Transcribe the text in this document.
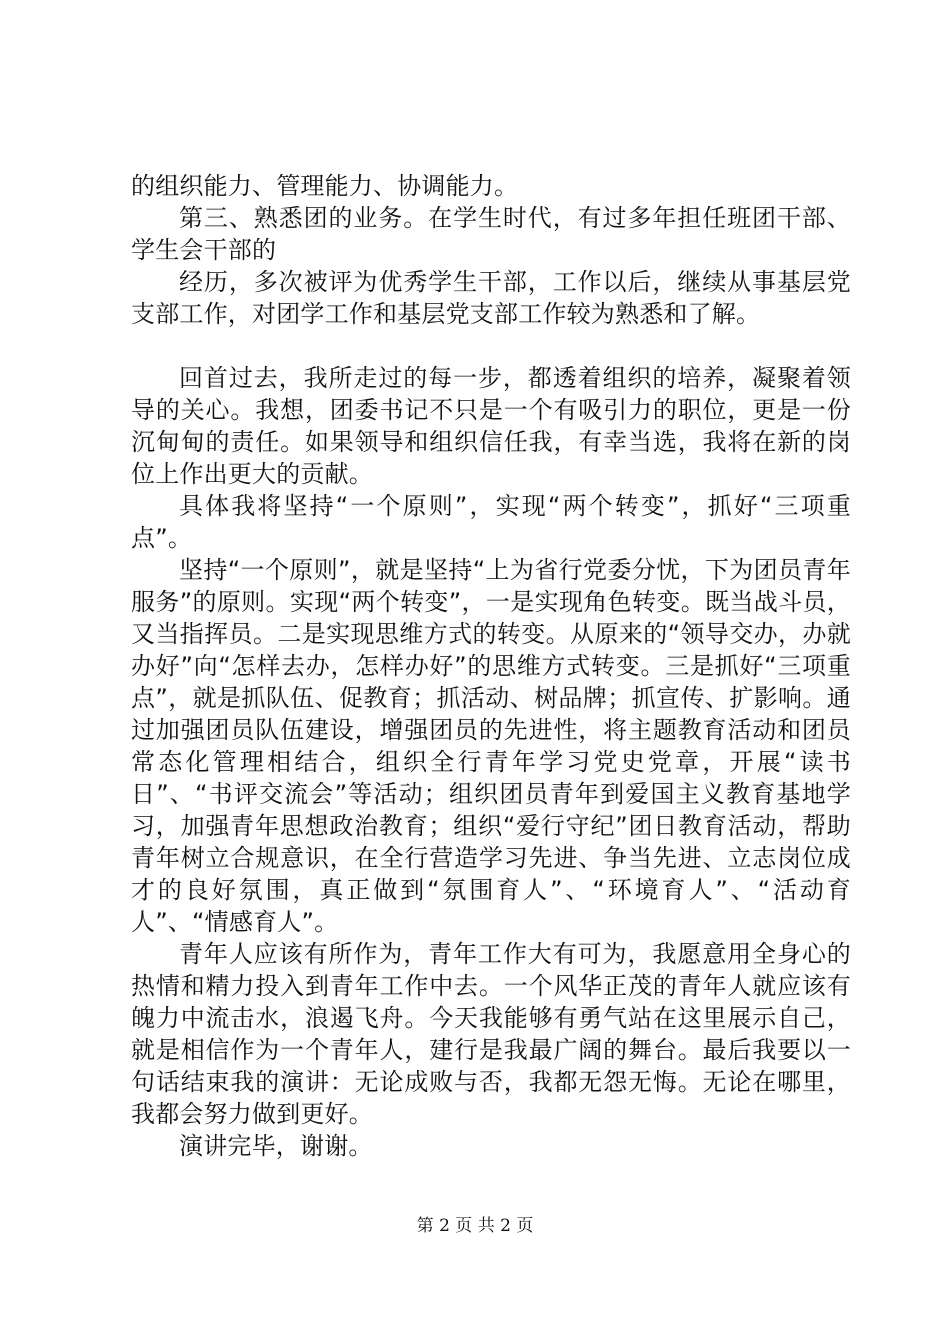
的组织能力、管理能力、协调能力。

第三、熟悉团的业务。在学生时代，有过多年担任班团干部、学生会干部的

经历，多次被评为优秀学生干部，工作以后，继续从事基层党支部工作，对团学工作和基层党支部工作较为熟悉和了解。

回首过去，我所走过的每一步，都透着组织的培养，凝聚着领导的关心。我想，团委书记不只是一个有吸引力的职位，更是一份沉甸甸的责任。如果领导和组织信任我，有幸当选，我将在新的岗位上作出更大的贡献。

具体我将坚持“一个原则”，实现“两个转变”，抓好“三项重点”。

坚持“一个原则”，就是坚持“上为省行党委分忧，下为团员青年服务”的原则。实现“两个转变”，一是实现角色转变。既当战斗员，又当指挥员。二是实现思维方式的转变。从原来的“领导交办，办就办好”向“怎样去办，怎样办好”的思维方式转变。三是抓好“三项重点”，就是抓队伍、促教育；抓活动、树品牌；抓宣传、扩影响。通过加强团员队伍建设，增强团员的先进性，将主题教育活动和团员常态化管理相结合，组织全行青年学习党史党章，开展“读书日”、“书评交流会”等活动；组织团员青年到爱国主义教育基地学习，加强青年思想政治教育；组织“爱行守纪”团日教育活动，帮助青年树立合规意识，在全行营造学习先进、争当先进、立志岗位成才的良好氛围，真正做到“氛围育人”、“环境育人”、“活动育人”、“情感育人”。

青年人应该有所作为，青年工作大有可为，我愿意用全身心的热情和精力投入到青年工作中去。一个风华正茂的青年人就应该有魄力中流击水，浪遏飞舟。今天我能够有勇气站在这里展示自己，就是相信作为一个青年人，建行是我最广阔的舞台。最后我要以一句话结束我的演讲：无论成败与否，我都无怨无悔。无论在哪里，我都会努力做到更好。

演讲完毕，谢谢。

第 2 页 共 2 页
